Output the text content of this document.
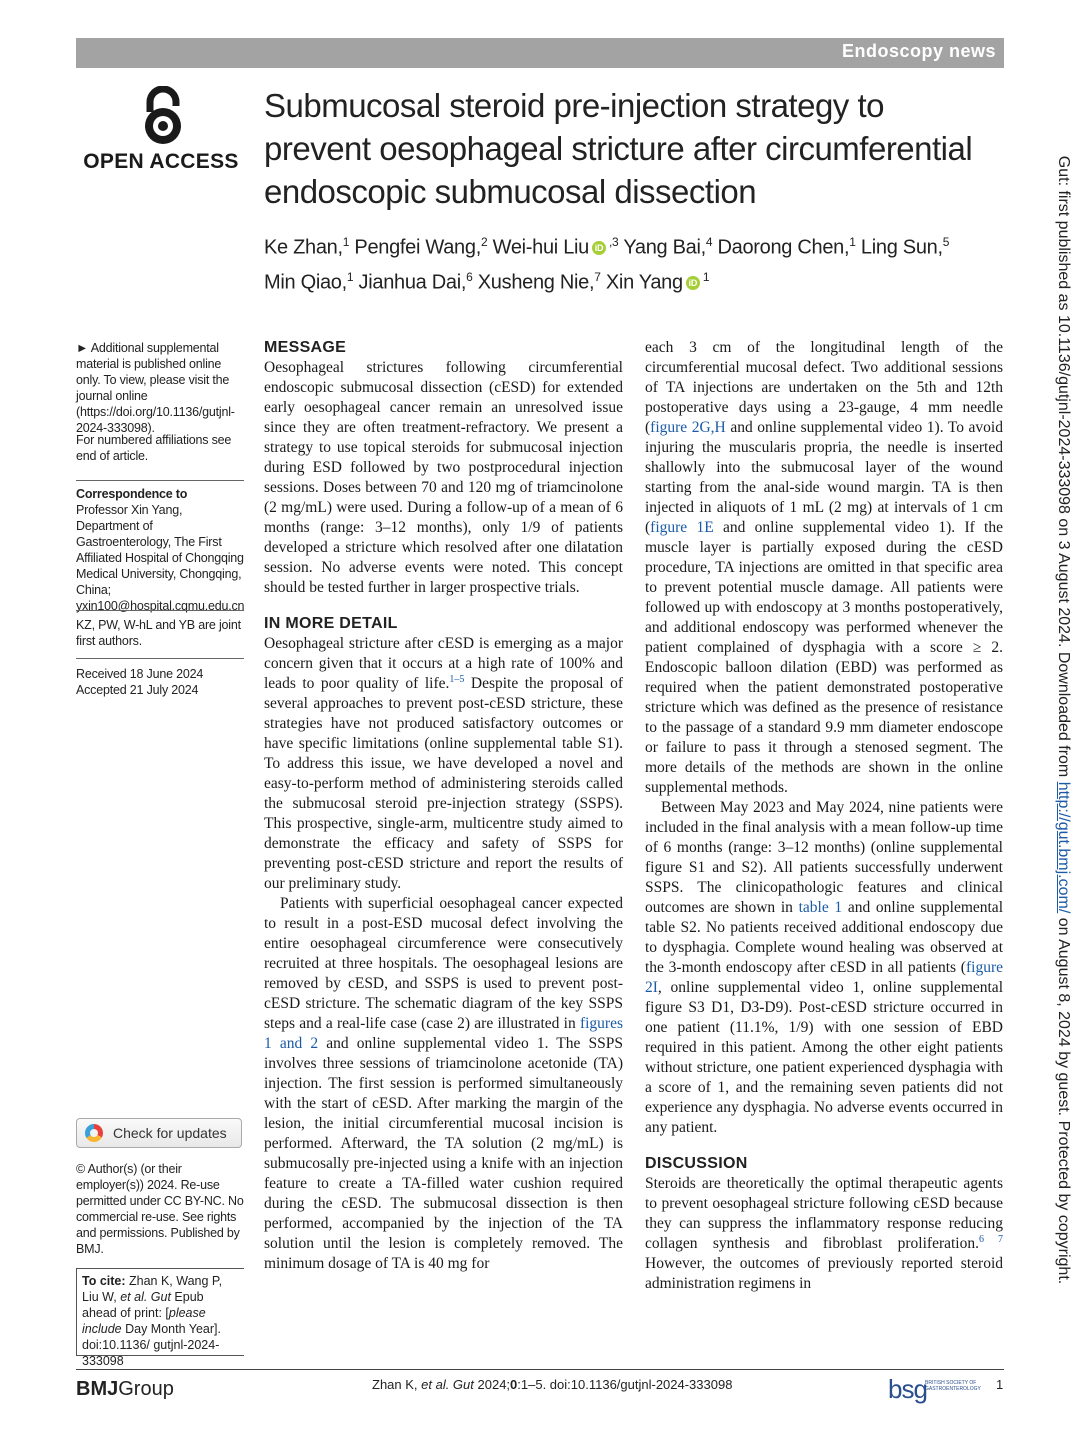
Endoscopy news
OPEN ACCESS
Submucosal steroid pre-injection strategy to prevent oesophageal stricture after circumferential endoscopic submucosal dissection
Ke Zhan,$^1$ Pengfei Wang,$^2$ Wei-hui Liu iD $^{,3}$ Yang Bai,$^4$ Daorong Chen,$^1$ Ling Sun,$^5$
Min Qiao,$^1$ Jianhua Dai,$^6$ Xusheng Nie,$^7$ Xin Yang iD $^1$

► Additional supplemental material is published online only. To view, please visit the journal online (https://doi.org/10.1136/gutjnl-2024-333098).

For numbered affiliations see end of article.

Correspondence to

Professor Xin Yang, Department of Gastroenterology, The First Affiliated Hospital of Chongqing Medical University, Chongqing, China; yxin100@hospital.cqmu.edu.cn

KZ, PW, W-hL and YB are joint first authors.

Received 18 June 2024

Accepted 21 July 2024

Check for updates

© Author(s) (or their employer(s)) 2024. Re-use permitted under CC BY-NC. No commercial re-use. See rights and permissions. Published by BMJ.

To cite: Zhan K, Wang P, Liu W, et al. Gut Epub ahead of print: [please include Day Month Year]. doi:10.1136/ gutjnl-2024-333098

MESSAGE

Oesophageal strictures following circumferential endoscopic submucosal dissection (cESD) for extended early oesophageal cancer remain an unresolved issue since they are often treatment-refractory. We present a strategy to use topical steroids for submucosal injection during ESD followed by two postprocedural injection sessions. Doses between 70 and 120 mg of triamcinolone (2 mg/mL) were used. During a follow-up of a mean of 6 months (range: 3–12 months), only 1/9 of patients developed a stricture which resolved after one dilatation session. No adverse events were noted. This concept should be tested further in larger prospective trials.

IN MORE DETAIL

Oesophageal stricture after cESD is emerging as a major concern given that it occurs at a high rate of 100% and leads to poor quality of life.$^{1-5}$ Despite the proposal of several approaches to prevent post-cESD stricture, these strategies have not produced satisfactory outcomes or have specific limitations (online supplemental table S1). To address this issue, we have developed a novel and easy-to-perform method of administering steroids called the submucosal steroid pre-injection strategy (SSPS). This prospective, single-arm, multicentre study aimed to demonstrate the efficacy and safety of SSPS for preventing post-cESD stricture and report the results of our preliminary study.

Patients with superficial oesophageal cancer expected to result in a post-ESD mucosal defect involving the entire oesophageal circumference were consecutively recruited at three hospitals. The oesophageal lesions are removed by cESD, and SSPS is used to prevent post-cESD stricture. The schematic diagram of the key SSPS steps and a real-life case (case 2) are illustrated in figures 1 and 2 and online supplemental video 1. The SSPS involves three sessions of triamcinolone acetonide (TA) injection. The first session is performed simultaneously with the start of cESD. After marking the margin of the lesion, the initial circumferential mucosal incision is performed. Afterward, the TA solution (2 mg/mL) is submucosally pre-injected using a knife with an injection feature to create a TA-filled water cushion required during the cESD. The submucosal dissection is then performed, accompanied by the injection of the TA solution until the lesion is completely removed. The minimum dosage of TA is 40 mg for

each 3 cm of the longitudinal length of the circumferential mucosal defect. Two additional sessions of TA injections are undertaken on the 5th and 12th postoperative days using a 23-gauge, 4 mm needle (figure 2G,H and online supplemental video 1). To avoid injuring the muscularis propria, the needle is inserted shallowly into the submucosal layer of the wound starting from the anal-side wound margin. TA is then injected in aliquots of 1 mL (2 mg) at intervals of 1 cm (figure 1E and online supplemental video 1). If the muscle layer is partially exposed during the cESD procedure, TA injections are omitted in that specific area to prevent potential muscle damage. All patients were followed up with endoscopy at 3 months postoperatively, and additional endoscopy was performed whenever the patient complained of dysphagia with a score ≥ 2. Endoscopic balloon dilation (EBD) was performed as required when the patient demonstrated postoperative stricture which was defined as the presence of resistance to the passage of a standard 9.9 mm diameter endoscope or failure to pass it through a stenosed segment. The more details of the methods are shown in the online supplemental methods.

Between May 2023 and May 2024, nine patients were included in the final analysis with a mean follow-up time of 6 months (range: 3–12 months) (online supplemental figure S1 and S2). All patients successfully underwent SSPS. The clinicopathologic features and clinical outcomes are shown in table 1 and online supplemental table S2. No patients received additional endoscopy due to dysphagia. Complete wound healing was observed at the 3-month endoscopy after cESD in all patients (figure 2I, online supplemental video 1, online supplemental figure S3 D1, D3-D9). Post-cESD stricture occurred in one patient (11.1%, 1/9) with one session of EBD required in this patient. Among the other eight patients without stricture, one patient experienced dysphagia with a score of 1, and the remaining seven patients did not experience any dysphagia. No adverse events occurred in any patient.

DISCUSSION

Steroids are theoretically the optimal therapeutic agents to prevent oesophageal stricture following cESD because they can suppress the inflammatory response reducing collagen synthesis and fibroblast proliferation.$^{6 7}$ However, the outcomes of previously reported steroid administration regimens in

Gut: first published as 10.1136/gutjnl-2024-333098 on 3 August 2024. Downloaded from http://gut.bmj.com/ on August 8, 2024 by guest. Protected by copyright.
BMJGroup	Zhan K, et al. Gut 2024;0:1–5. doi:10.1136/gutjnl-2024-333098	bsg
BRITISH SOCIETY OF GASTROENTEROLOGY	1
